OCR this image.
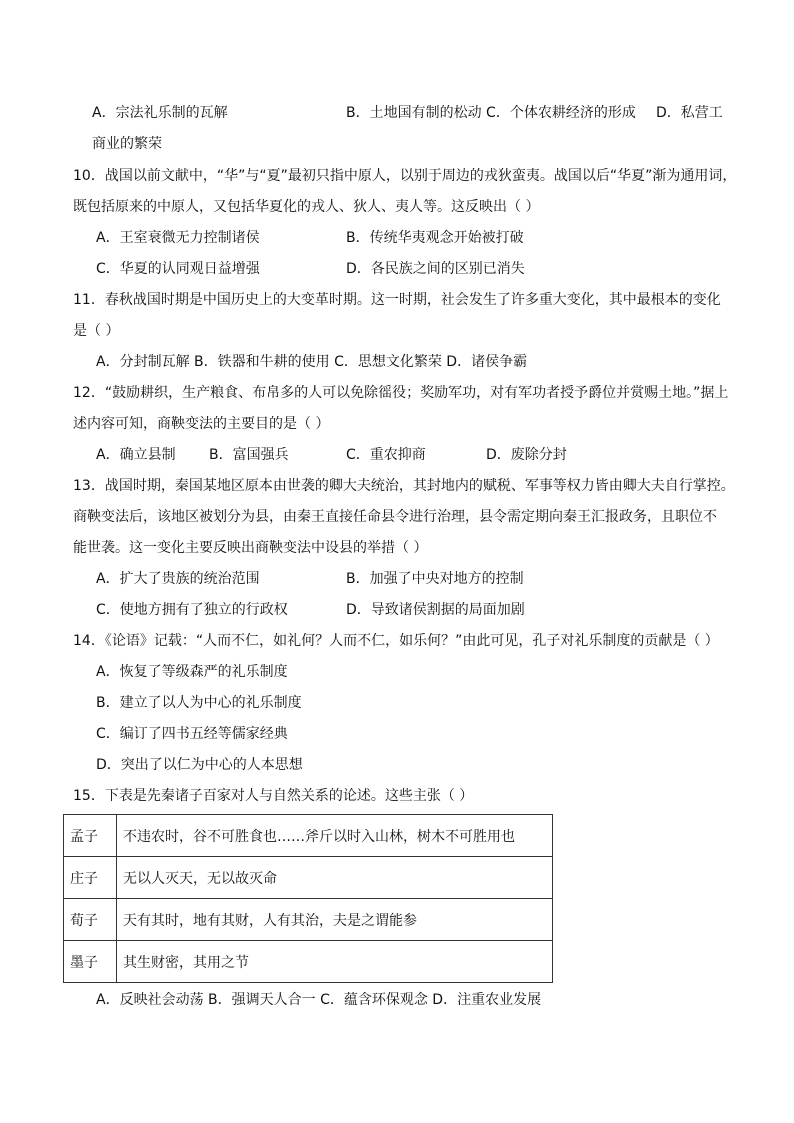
A．宗法礼乐制的瓦解	B．土地国有制的松动 C．个体农耕经济的形成 D．私营工
商业的繁荣
10．战国以前文献中，“华”与“夏”最初只指中原人，以别于周边的戎狄蛮夷。战国以后“华夏”渐为通用词，
既包括原来的中原人，又包括华夏化的戎人、狄人、夷人等。这反映出（ ）
A．王室衰微无力控制诸侯	B．传统华夷观念开始被打破
C．华夏的认同观日益增强	D．各民族之间的区别已消失
11．春秋战国时期是中国历史上的大变革时期。这一时期，社会发生了许多重大变化，其中最根本的变化
是（ ）
A．分封制瓦解 B．铁器和牛耕的使用 C．思想文化繁荣 D．诸侯争霸
12．“鼓励耕织，生产粮食、布帛多的人可以免除徭役；奖励军功，对有军功者授予爵位并赏赐土地。”据上
述内容可知，商鞅变法的主要目的是（ ）
A．确立县制 B．富国强兵	C．重农抑商	D．废除分封
13．战国时期，秦国某地区原本由世袭的卿大夫统治，其封地内的赋税、军事等权力皆由卿大夫自行掌控。
商鞅变法后，该地区被划分为县，由秦王直接任命县令进行治理，县令需定期向秦王汇报政务，且职位不
能世袭。这一变化主要反映出商鞅变法中设县的举措（ ）
A．扩大了贵族的统治范围	B．加强了中央对地方的控制
C．使地方拥有了独立的行政权	D．导致诸侯割据的局面加剧
14．《论语》记载：“人而不仁，如礼何？人而不仁，如乐何？”由此可见，孔子对礼乐制度的贡献是（ ）
A．恢复了等级森严的礼乐制度
B．建立了以人为中心的礼乐制度
C．编订了四书五经等儒家经典
D．突出了以仁为中心的人本思想
15．下表是先秦诸子百家对人与自然关系的论述。这些主张（ ）
孟子	不违农时，谷不可胜食也……斧斤以时入山林，树木不可胜用也
庄子	无以人灭天，无以故灭命
荀子	天有其时，地有其财，人有其治，夫是之谓能参
墨子	其生财密，其用之节
A．反映社会动荡 B．强调天人合一 C．蕴含环保观念 D．注重农业发展
